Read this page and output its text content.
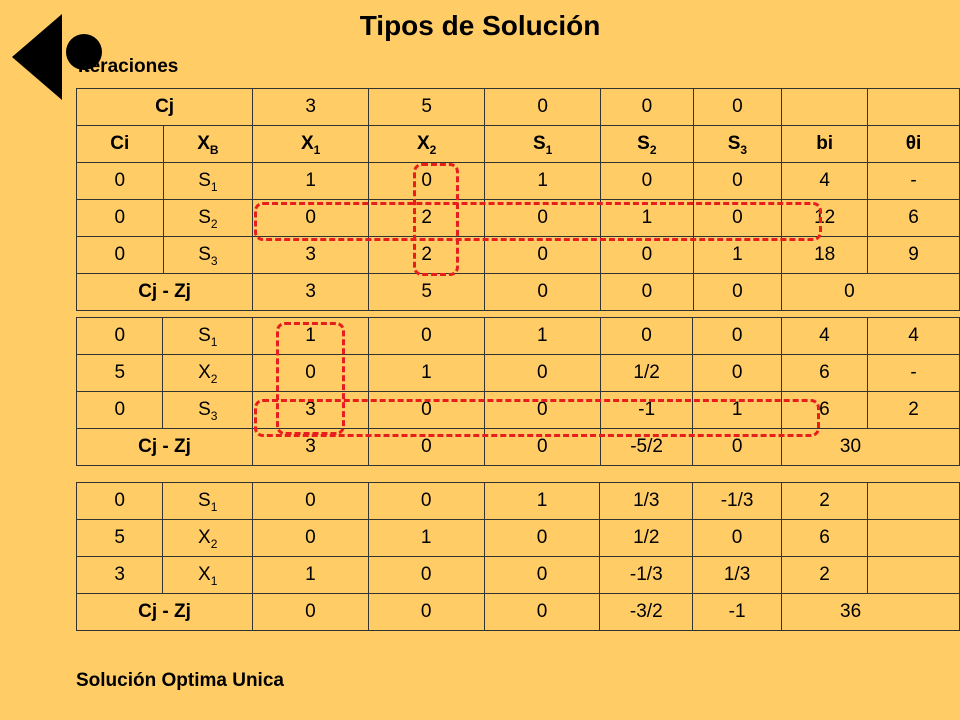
Tipos de Solución
Iteraciones
Cj		3	5	0	0	0		
Ci	$X_B$	$X_1$	$X_2$	$S_1$	$S_2$	$S_3$	bi	θi
0	$S_1$	1	0	1	0	0	4	-
0	$S_2$	0	2	0	1	0	12	6
0	$S_3$	3	2	0	0	1	18	9
Cj - Zj		3	5	0	0	0	0	
0	$S_1$	1	0	1	0	0	4	4
5	$X_2$	0	1	0	1/2	0	6	-
0	$S_3$	3	0	0	-1	1	6	2
Cj - Zj		3	0	0	-5/2	0	30	
0	$S_1$	0	0	1	1/3	-1/3	2	
5	$X_2$	0	1	0	1/2	0	6	
3	$X_1$	1	0	0	-1/3	1/3	2	
Cj - Zj		0	0	0	-3/2	-1	36	
Solución Optima Unica
